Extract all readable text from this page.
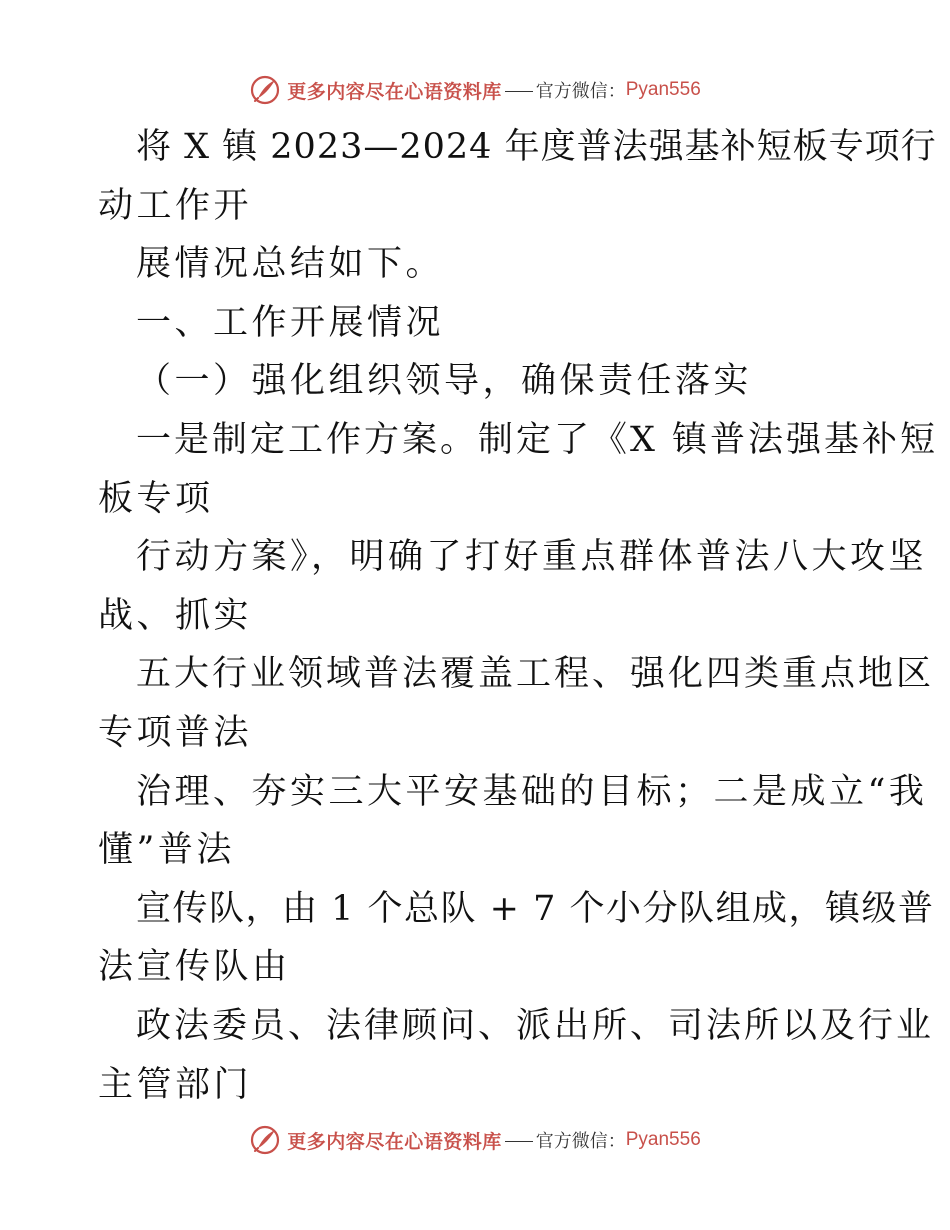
更多内容尽在心语资料库 官方微信： Pyan556
将 X 镇 2023—2024 年度普法强基补短板专项行
动工作开
展情况总结如下。
一、工作开展情况
（一）强化组织领导，确保责任落实
一是制定工作方案。制定了《X 镇普法强基补短
板专项
行动方案》，明确了打好重点群体普法八大攻坚
战、抓实
五大行业领域普法覆盖工程、强化四类重点地区
专项普法
治理、夯实三大平安基础的目标；二是成立“我
懂”普法
宣传队，由 1 个总队 + 7 个小分队组成，镇级普
法宣传队由
政法委员、法律顾问、派出所、司法所以及行业
主管部门
更多内容尽在心语资料库 官方微信： Pyan556
